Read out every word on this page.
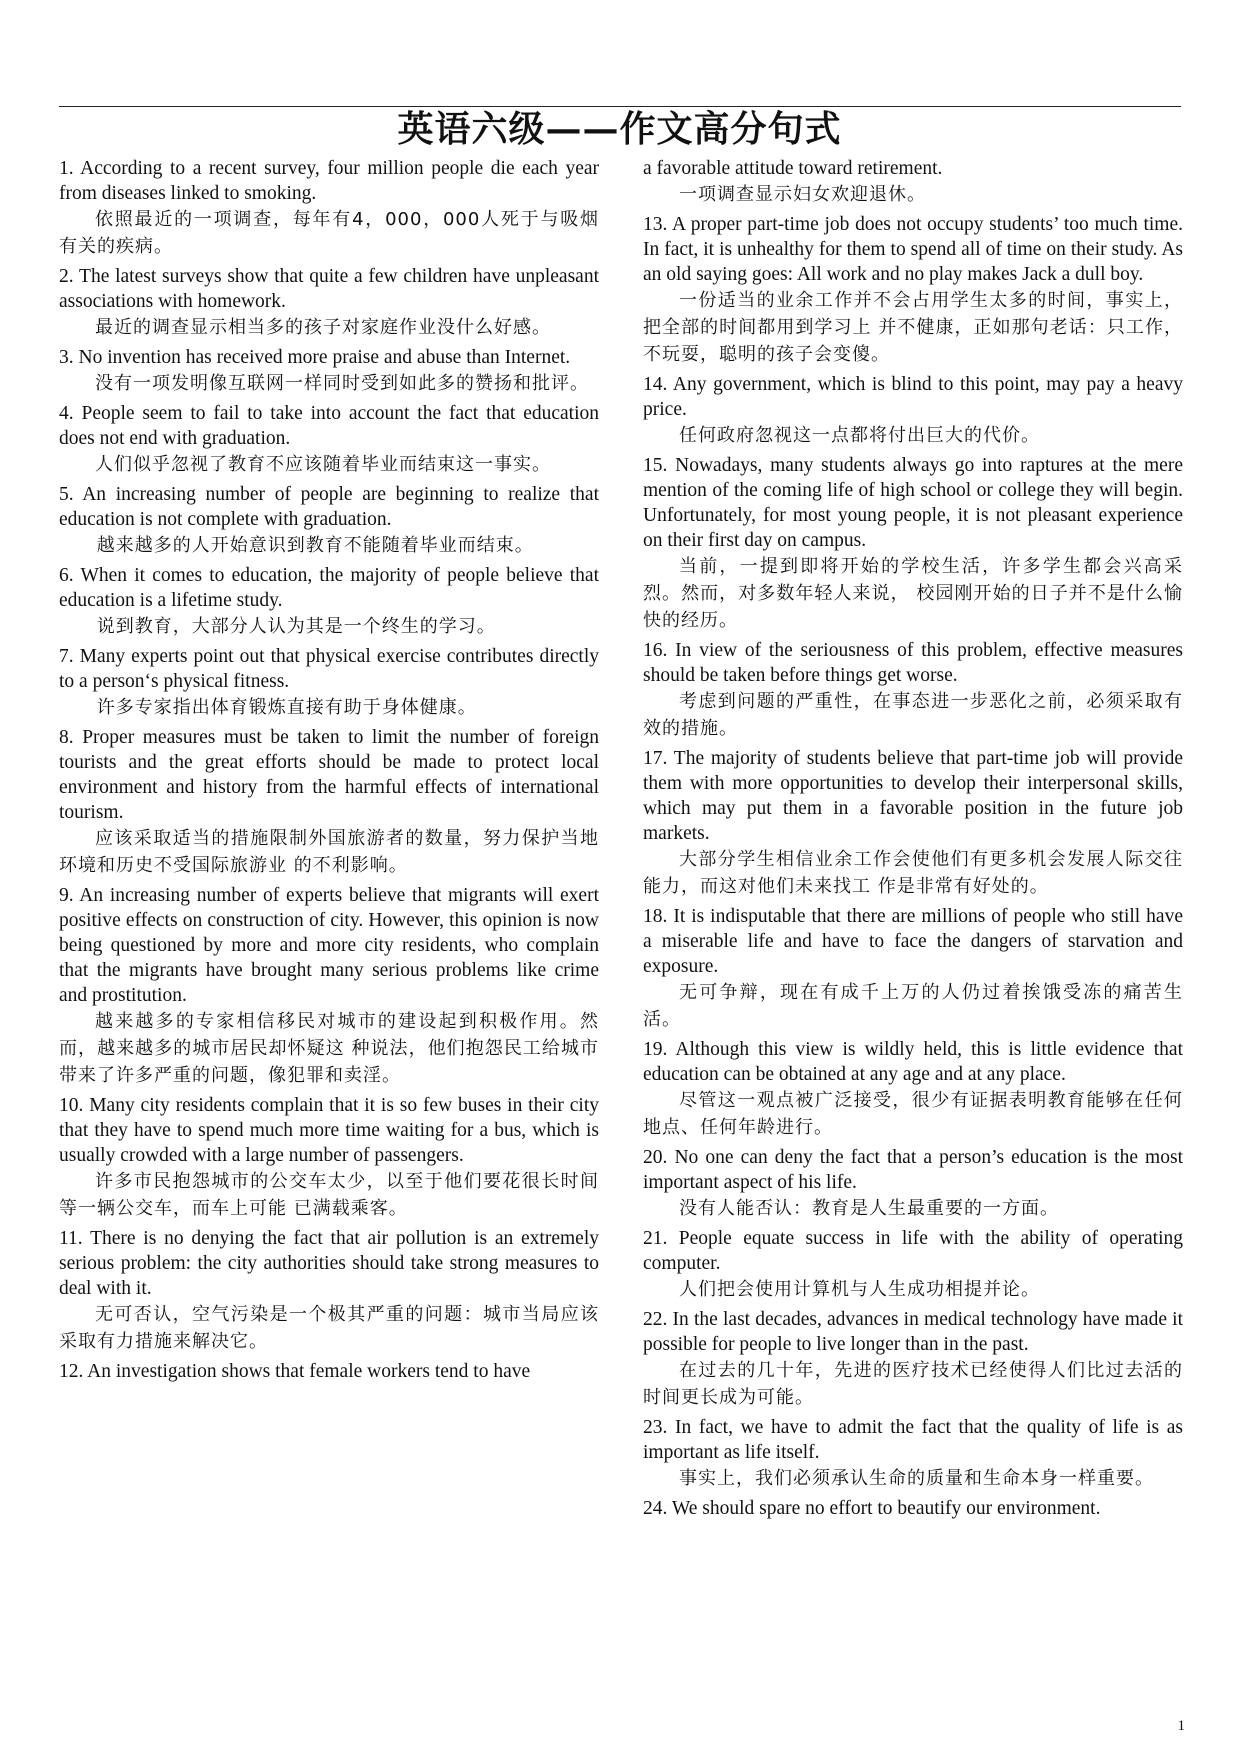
英语六级——作文高分句式

1. According to a recent survey, four million people die each year from diseases linked to smoking.

依照最近的一项调查，每年有4，000，000人死于与吸烟有关的疾病。

2. The latest surveys show that quite a few children have unpleasant associations with homework.

最近的调查显示相当多的孩子对家庭作业没什么好感。

3. No invention has received more praise and abuse than Internet.

没有一项发明像互联网一样同时受到如此多的赞扬和批评。

4. People seem to fail to take into account the fact that education does not end with graduation.

人们似乎忽视了教育不应该随着毕业而结束这一事实。

5. An increasing number of people are beginning to realize that education is not complete with graduation.

越来越多的人开始意识到教育不能随着毕业而结束。

6. When it comes to education, the majority of people believe that education is a lifetime study.

说到教育，大部分人认为其是一个终生的学习。

7. Many experts point out that physical exercise contributes directly to a person‘s physical fitness.

许多专家指出体育锻炼直接有助于身体健康。

8. Proper measures must be taken to limit the number of foreign tourists and the great efforts should be made to protect local environment and history from the harmful effects of international tourism.

应该采取适当的措施限制外国旅游者的数量，努力保护当地环境和历史不受国际旅游业 的不利影响。

9. An increasing number of experts believe that migrants will exert positive effects on construction of city. However, this opinion is now being questioned by more and more city residents, who complain that the migrants have brought many serious problems like crime and prostitution.

越来越多的专家相信移民对城市的建设起到积极作用。然而，越来越多的城市居民却怀疑这 种说法，他们抱怨民工给城市带来了许多严重的问题，像犯罪和卖淫。

10. Many city residents complain that it is so few buses in their city that they have to spend much more time waiting for a bus, which is usually crowded with a large number of passengers.

许多市民抱怨城市的公交车太少，以至于他们要花很长时间等一辆公交车，而车上可能 已满载乘客。

11. There is no denying the fact that air pollution is an extremely serious problem: the city authorities should take strong measures to deal with it.

无可否认，空气污染是一个极其严重的问题：城市当局应该采取有力措施来解决它。

12. An investigation shows that female workers tend to have

a favorable attitude toward retirement.

一项调查显示妇女欢迎退休。

13. A proper part-time job does not occupy students’ too much time. In fact, it is unhealthy for them to spend all of time on their study. As an old saying goes: All work and no play makes Jack a dull boy.

一份适当的业余工作并不会占用学生太多的时间，事实上，把全部的时间都用到学习上 并不健康，正如那句老话：只工作，不玩耍，聪明的孩子会变傻。

14. Any government, which is blind to this point, may pay a heavy price.

任何政府忽视这一点都将付出巨大的代价。

15. Nowadays, many students always go into raptures at the mere mention of the coming life of high school or college they will begin. Unfortunately, for most young people, it is not pleasant experience on their first day on campus.

当前，一提到即将开始的学校生活，许多学生都会兴高采烈。然而，对多数年轻人来说， 校园刚开始的日子并不是什么愉快的经历。

16. In view of the seriousness of this problem, effective measures should be taken before things get worse.

考虑到问题的严重性，在事态进一步恶化之前，必须采取有效的措施。

17. The majority of students believe that part-time job will provide them with more opportunities to develop their interpersonal skills, which may put them in a favorable position in the future job markets.

大部分学生相信业余工作会使他们有更多机会发展人际交往能力，而这对他们未来找工 作是非常有好处的。

18. It is indisputable that there are millions of people who still have a miserable life and have to face the dangers of starvation and exposure.

无可争辩，现在有成千上万的人仍过着挨饿受冻的痛苦生活。

19. Although this view is wildly held, this is little evidence that education can be obtained at any age and at any place.

尽管这一观点被广泛接受，很少有证据表明教育能够在任何地点、任何年龄进行。

20. No one can deny the fact that a person’s education is the most important aspect of his life.

没有人能否认：教育是人生最重要的一方面。

21. People equate success in life with the ability of operating computer.

人们把会使用计算机与人生成功相提并论。

22. In the last decades, advances in medical technology have made it possible for people to live longer than in the past.

在过去的几十年，先进的医疗技术已经使得人们比过去活的时间更长成为可能。

23. In fact, we have to admit the fact that the quality of life is as important as life itself.

事实上，我们必须承认生命的质量和生命本身一样重要。

24. We should spare no effort to beautify our environment.

1
